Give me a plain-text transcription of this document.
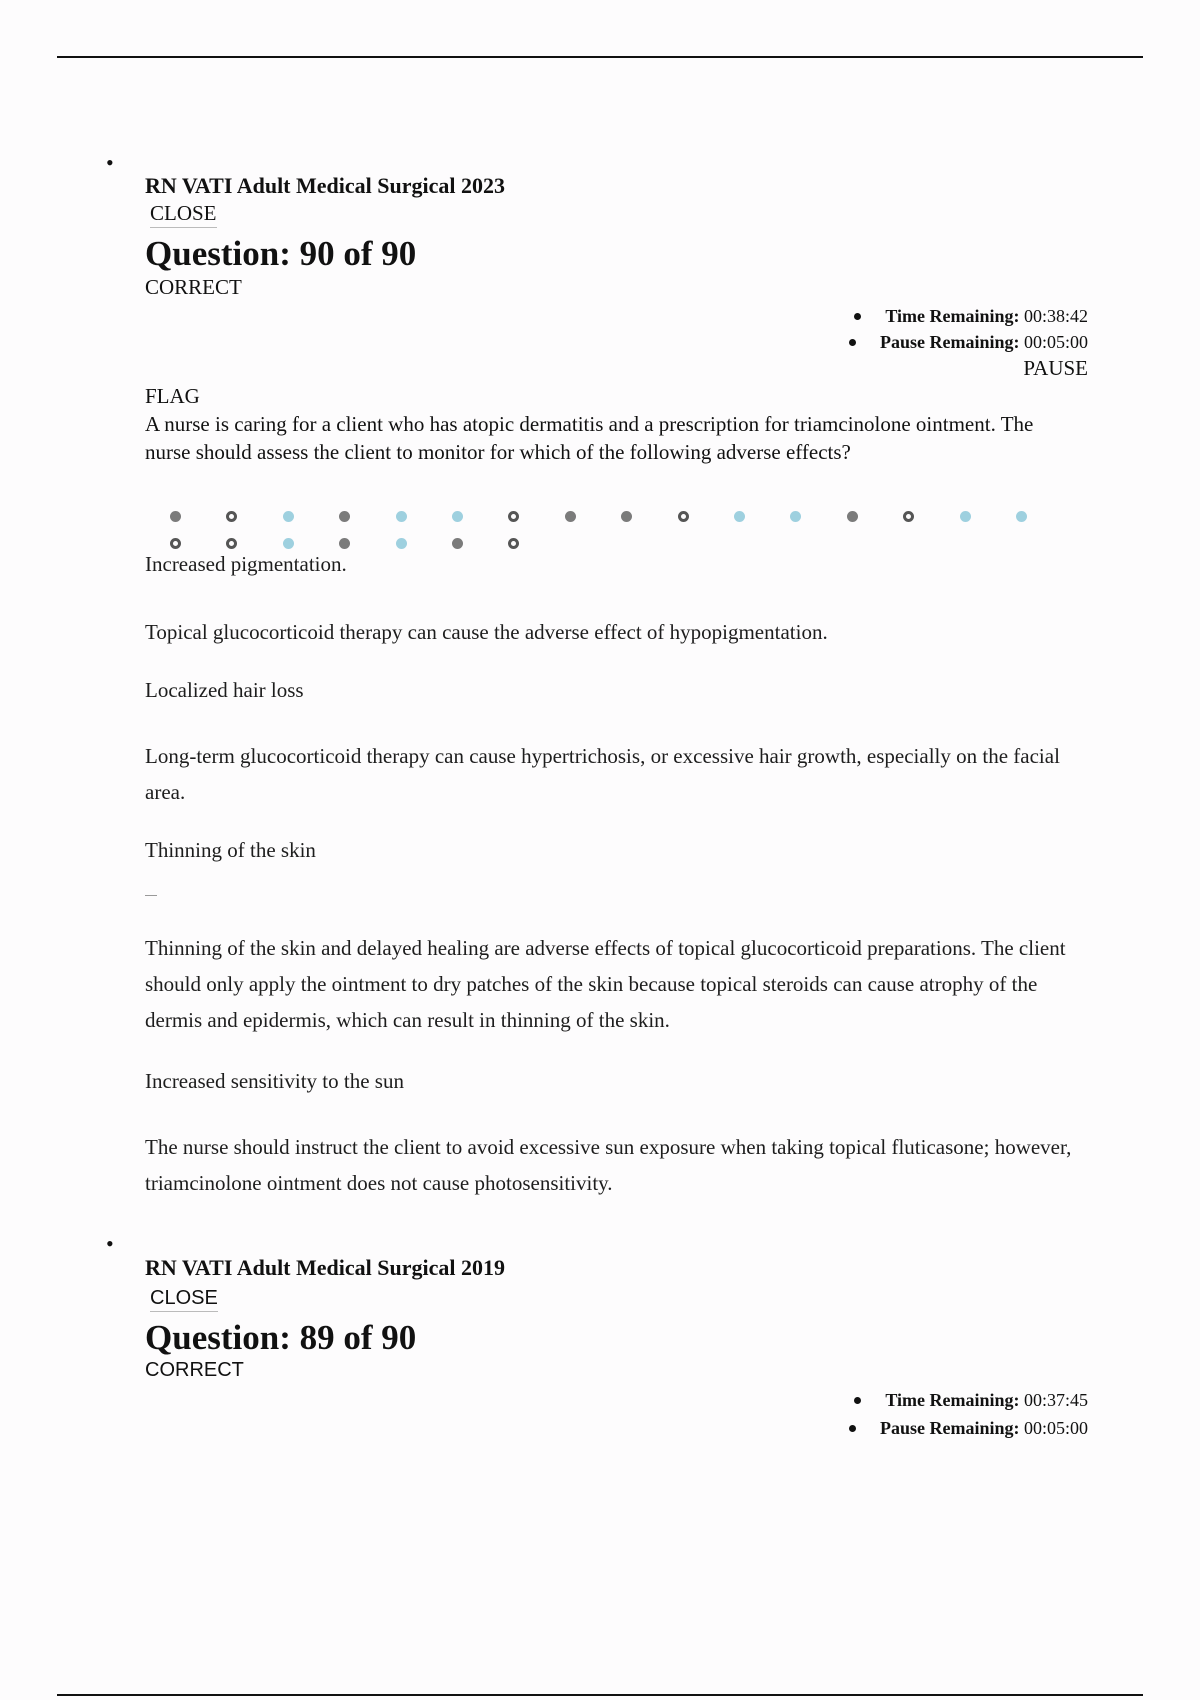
•
RN VATI Adult Medical Surgical 2023
CLOSE
Question: 90 of 90
CORRECT
Time Remaining: 00:38:42
Pause Remaining: 00:05:00
PAUSE
FLAG
A nurse is caring for a client who has atopic dermatitis and a prescription for triamcinolone ointment. The nurse should assess the client to monitor for which of the following adverse effects?
Increased pigmentation.
Topical glucocorticoid therapy can cause the adverse effect of hypopigmentation.
Localized hair loss
Long-term glucocorticoid therapy can cause hypertrichosis, or excessive hair growth, especially on the facial area.
Thinning of the skin
Thinning of the skin and delayed healing are adverse effects of topical glucocorticoid preparations. The client should only apply the ointment to dry patches of the skin because topical steroids can cause atrophy of the dermis and epidermis, which can result in thinning of the skin.
Increased sensitivity to the sun
The nurse should instruct the client to avoid excessive sun exposure when taking topical fluticasone; however, triamcinolone ointment does not cause photosensitivity.
•
RN VATI Adult Medical Surgical 2019
CLOSE
Question: 89 of 90
CORRECT
Time Remaining: 00:37:45
Pause Remaining: 00:05:00
